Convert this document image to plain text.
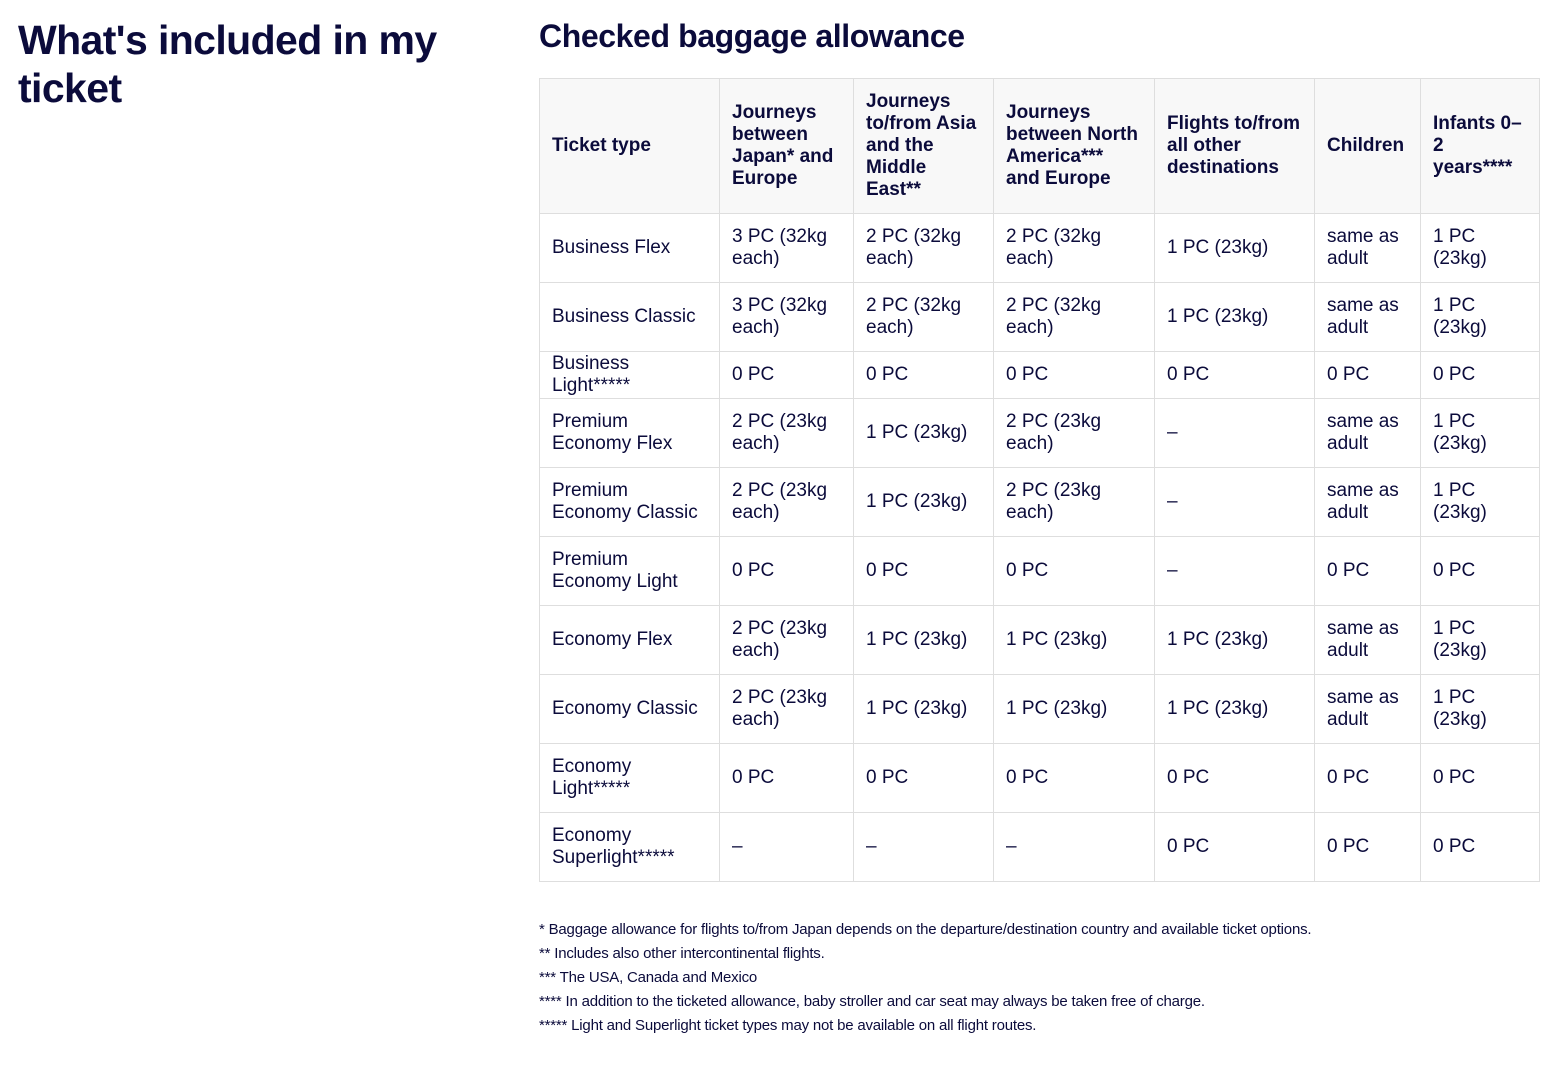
What's included in my ticket
Checked baggage allowance
Ticket type	Journeys between Japan* and Europe	Journeys to/from Asia and the Middle East**	Journeys between North America*** and Europe	Flights to/from all other destinations	Children	Infants 0–2 years****
Business Flex	3 PC (32kg each)	2 PC (32kg each)	2 PC (32kg each)	1 PC (23kg)	same as adult	1 PC (23kg)
Business Classic	3 PC (32kg each)	2 PC (32kg each)	2 PC (32kg each)	1 PC (23kg)	same as adult	1 PC (23kg)
Business Light*****	0 PC	0 PC	0 PC	0 PC	0 PC	0 PC
Premium Economy Flex	2 PC (23kg each)	1 PC (23kg)	2 PC (23kg each)	–	same as adult	1 PC (23kg)
Premium Economy Classic	2 PC (23kg each)	1 PC (23kg)	2 PC (23kg each)	–	same as adult	1 PC (23kg)
Premium Economy Light	0 PC	0 PC	0 PC	–	0 PC	0 PC
Economy Flex	2 PC (23kg each)	1 PC (23kg)	1 PC (23kg)	1 PC (23kg)	same as adult	1 PC (23kg)
Economy Classic	2 PC (23kg each)	1 PC (23kg)	1 PC (23kg)	1 PC (23kg)	same as adult	1 PC (23kg)
Economy Light*****	0 PC	0 PC	0 PC	0 PC	0 PC	0 PC
Economy Superlight*****	–	–	–	0 PC	0 PC	0 PC

* Baggage allowance for flights to/from Japan depends on the departure/destination country and available ticket options.

** Includes also other intercontinental flights.

*** The USA, Canada and Mexico

**** In addition to the ticketed allowance, baby stroller and car seat may always be taken free of charge.

***** Light and Superlight ticket types may not be available on all flight routes.
